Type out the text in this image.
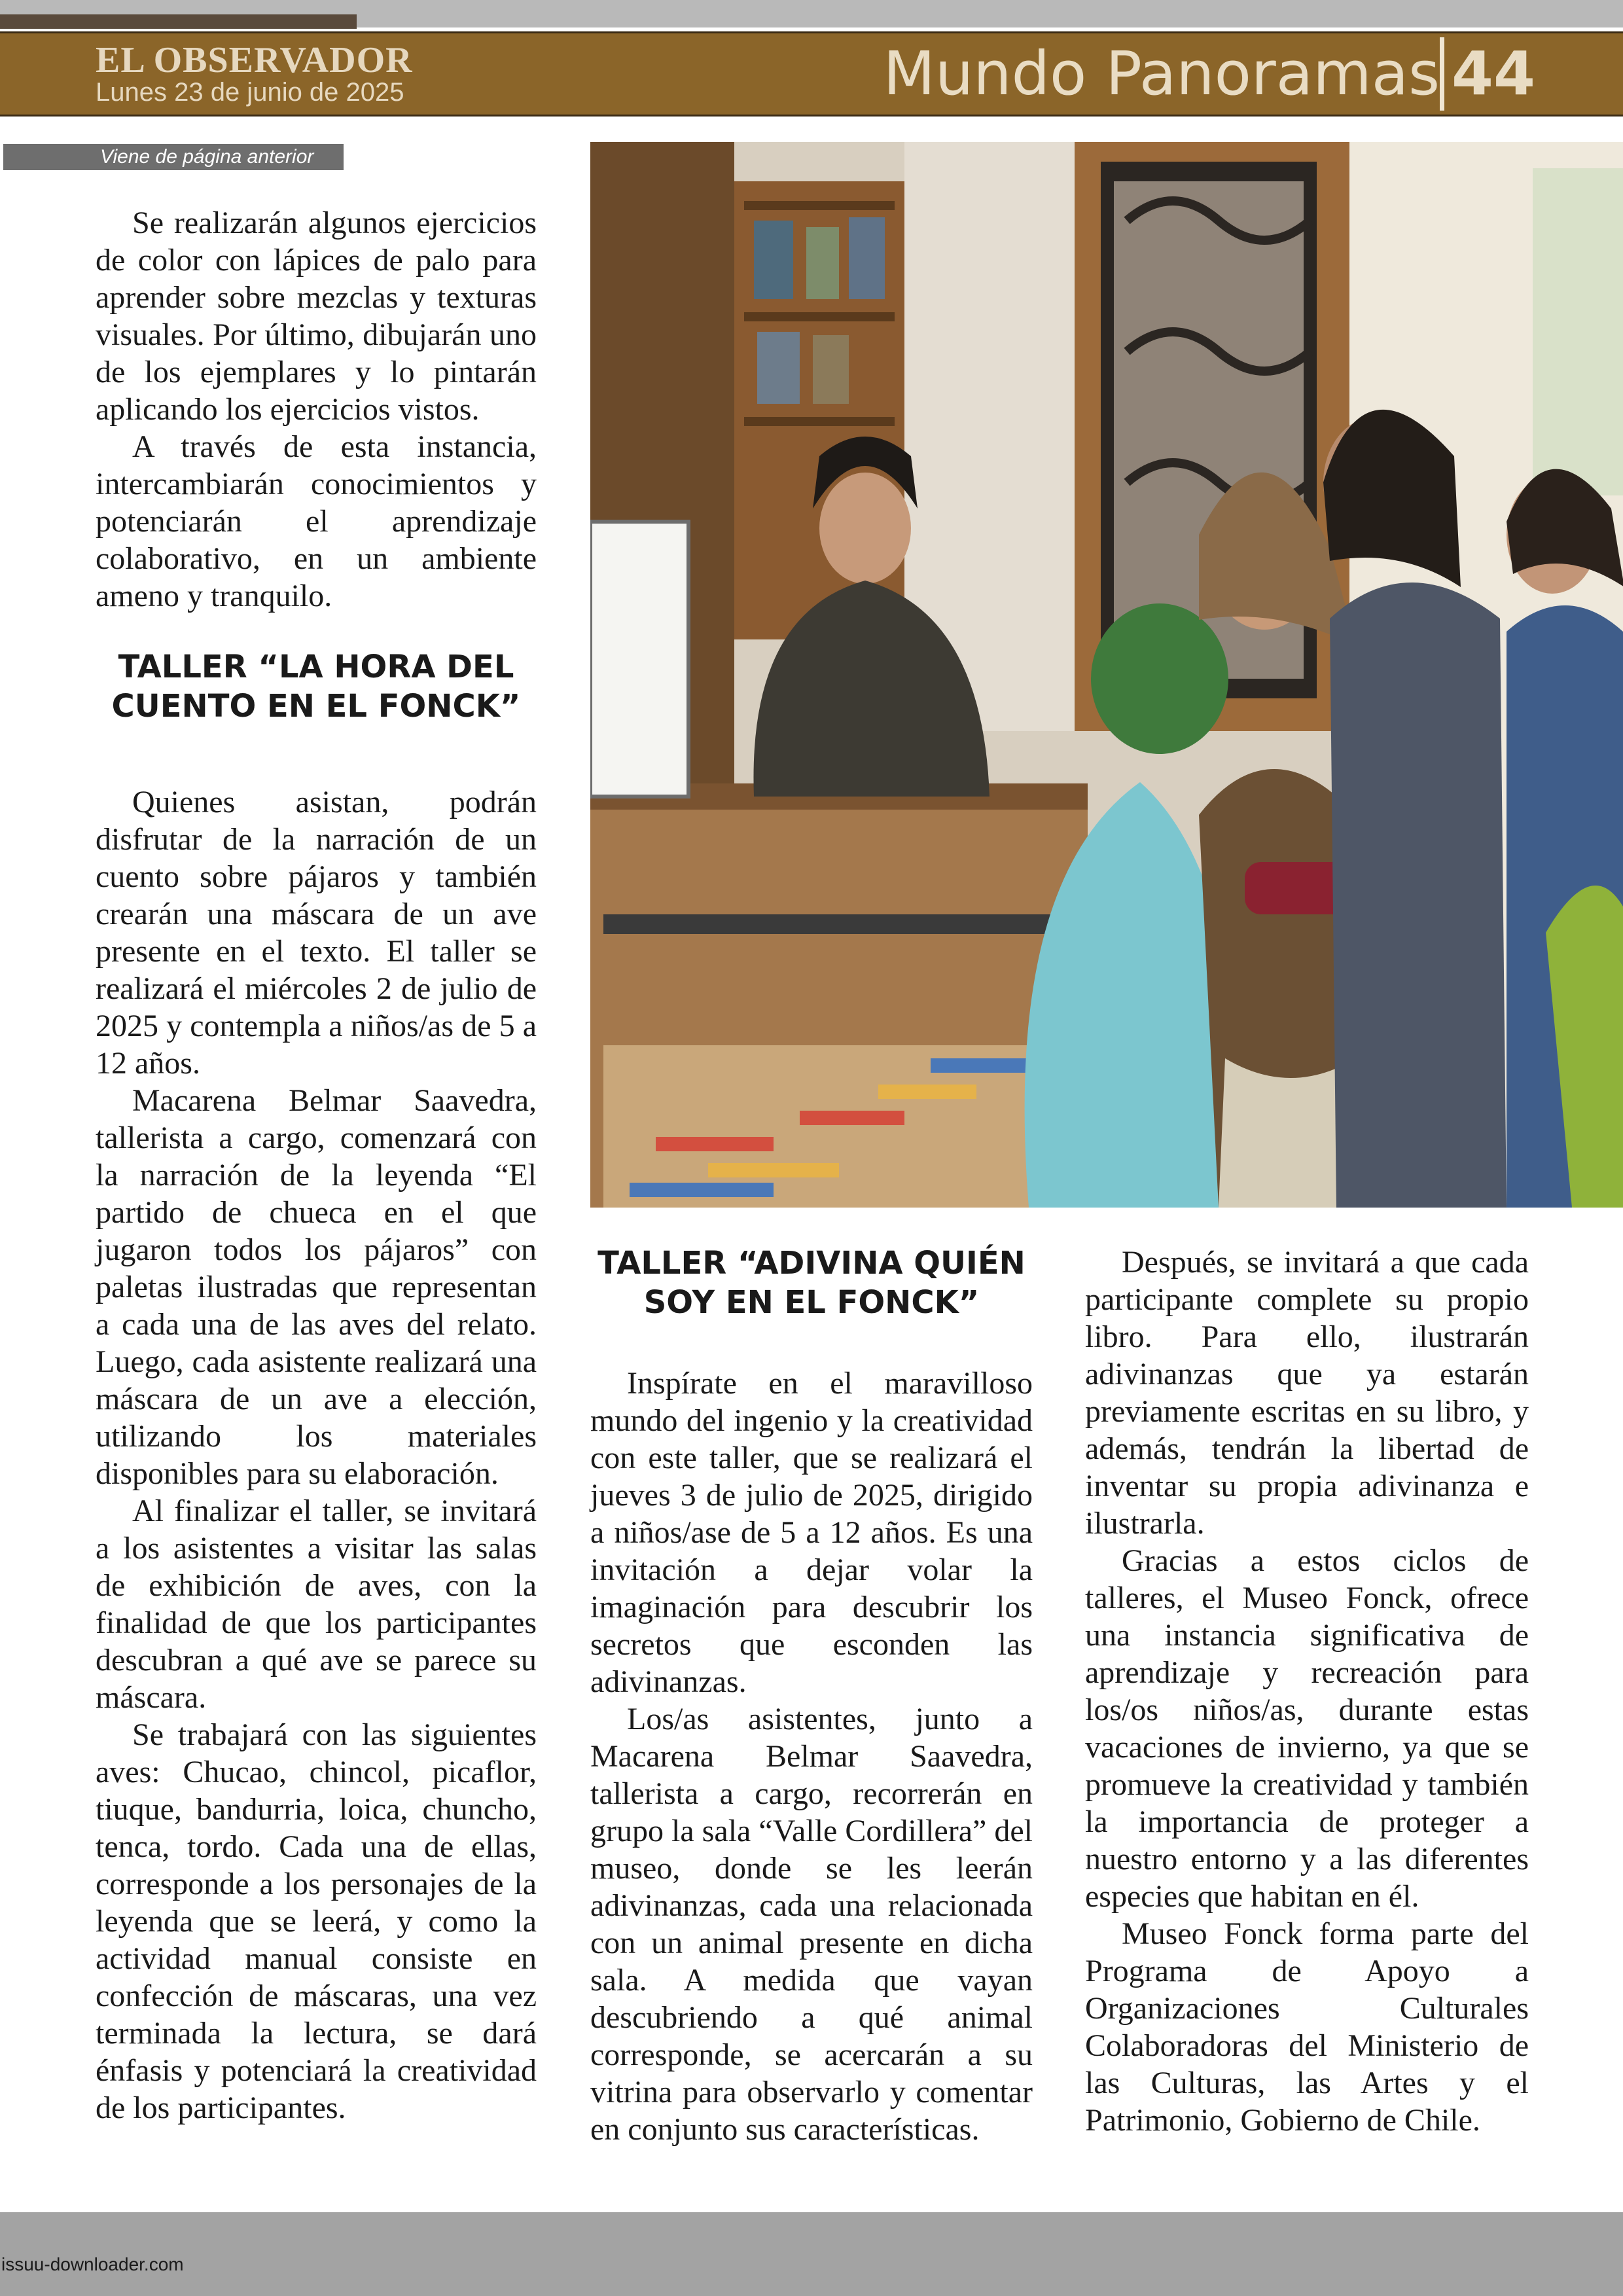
EL OBSERVADOR
Lunes 23 de junio de 2025	Mundo Panoramas 44
Viene de página anterior

Se realizarán algunos ejercicios de color con lápices de palo para aprender sobre mezclas y texturas visuales. Por último, dibujarán uno de los ejemplares y lo pintarán aplicando los ejercicios vistos.

A través de esta instancia, intercambiarán conocimientos y potenciarán el aprendizaje colaborativo, en un ambiente ameno y tranquilo.

TALLER “LA HORA DEL
CUENTO EN EL FONCK”

Quienes asistan, podrán disfrutar de la narración de un cuento sobre pájaros y también crearán una máscara de un ave presente en el texto. El taller se realizará el miércoles 2 de julio de 2025 y contempla a niños/as de 5 a 12 años.

Macarena Belmar Saavedra, tallerista a cargo, comenzará con la narración de la leyenda “El partido de chueca en el que jugaron todos los pájaros” con paletas ilustradas que representan a cada una de las aves del relato. Luego, cada asistente realizará una máscara de un ave a elección, utilizando los materiales disponibles para su elaboración.

Al finalizar el taller, se invitará a los asistentes a visitar las salas de exhibición de aves, con la finalidad de que los participantes descubran a qué ave se parece su máscara.

Se trabajará con las siguientes aves: Chucao, chincol, picaflor, tiuque, bandurria, loica, chuncho, tenca, tordo. Cada una de ellas, corresponde a los personajes de la leyenda que se leerá, y como la actividad manual consiste en confección de máscaras, una vez terminada la lectura, se dará énfasis y potenciará la creatividad de los participantes.

TALLER “ADIVINA QUIÉN
SOY EN EL FONCK”

Inspírate en el maravilloso mundo del ingenio y la creatividad con este taller, que se realizará el jueves 3 de julio de 2025, dirigido a niños/ase de 5 a 12 años. Es una invitación a dejar volar la imaginación para descubrir los secretos que esconden las adivinanzas.

Los/as asistentes, junto a Macarena Belmar Saavedra, tallerista a cargo, recorrerán en grupo la sala “Valle Cordillera” del museo, donde se les leerán adivinanzas, cada una relacionada con un animal presente en dicha sala. A medida que vayan descubriendo a qué animal corresponde, se acercarán a su vitrina para observarlo y comentar en conjunto sus características.

Después, se invitará a que cada participante complete su propio libro. Para ello, ilustrarán adivinanzas que ya estarán previamente escritas en su libro, y además, tendrán la libertad de inventar su propia adivinanza e ilustrarla.

Gracias a estos ciclos de talleres, el Museo Fonck, ofrece una instancia significativa de aprendizaje y recreación para los/os niños/as, durante estas vacaciones de invierno, ya que se promueve la creatividad y también la importancia de proteger a nuestro entorno y a las diferentes especies que habitan en él.

Museo Fonck forma parte del Programa de Apoyo a Organizaciones Culturales Colaboradoras del Ministerio de las Culturas, las Artes y el Patrimonio, Gobierno de Chile.

issuu-downloader.com
